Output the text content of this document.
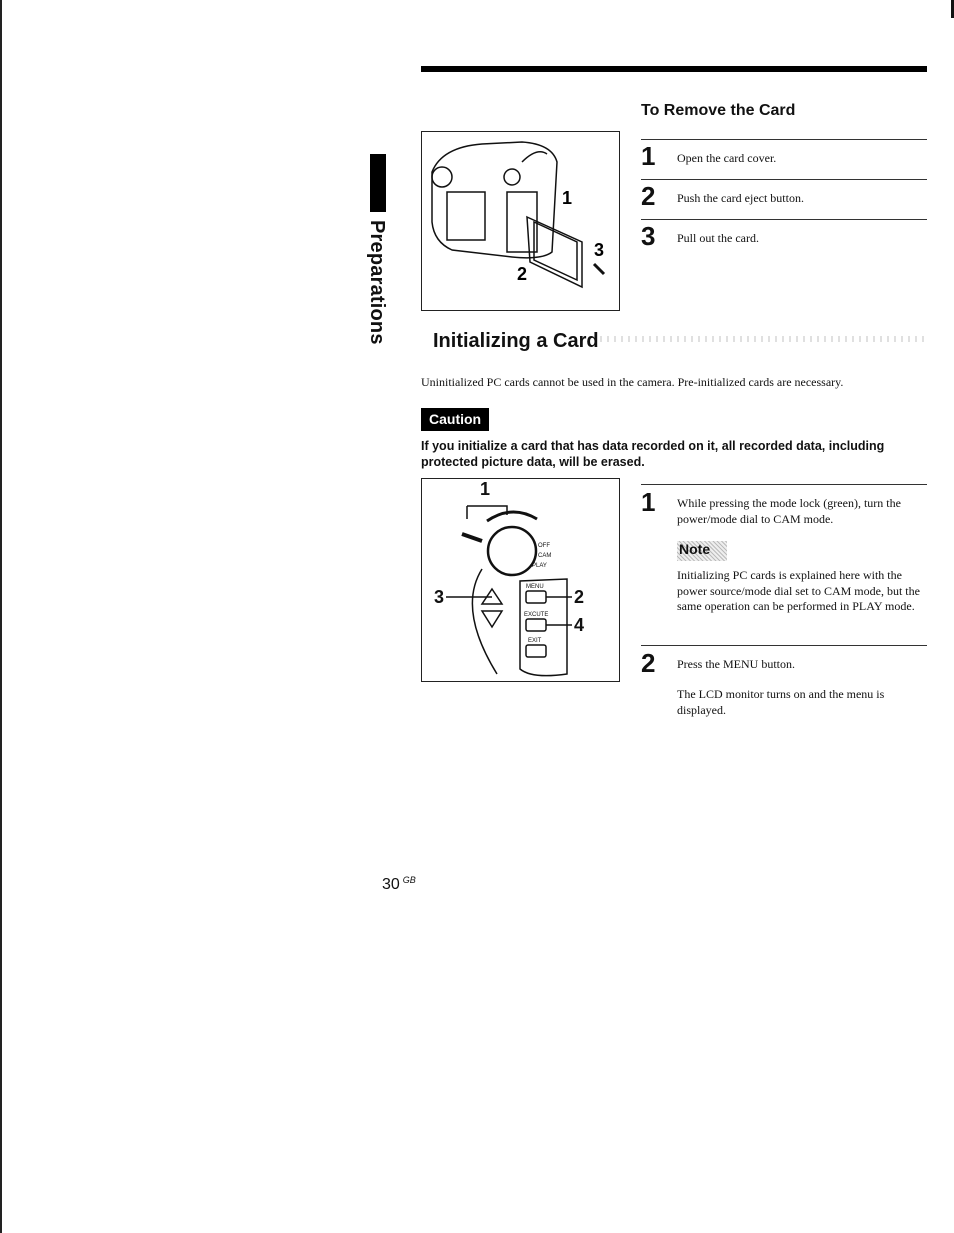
Preparations
To Remove the Card
1
2
3
1 Open the card cover.
2 Push the card eject button.
3 Pull out the card.
Initializing a Card
Uninitialized PC cards cannot be used in the camera. Pre-initialized cards are necessary.
Caution
If you initialize a card that has data recorded on it, all recorded data, including protected picture data, will be erased.
OFF
CAM
PLAY
MENU
EXCUTE
EXIT
1
2
3
4
1 While pressing the mode lock (green), turn the power/mode dial to CAM mode.
Note
Initializing PC cards is explained here with the power source/mode dial set to CAM mode, but the same operation can be performed in PLAY mode.
2 Press the MENU button.
The LCD monitor turns on and the menu is displayed.
30 $^{GB}$
